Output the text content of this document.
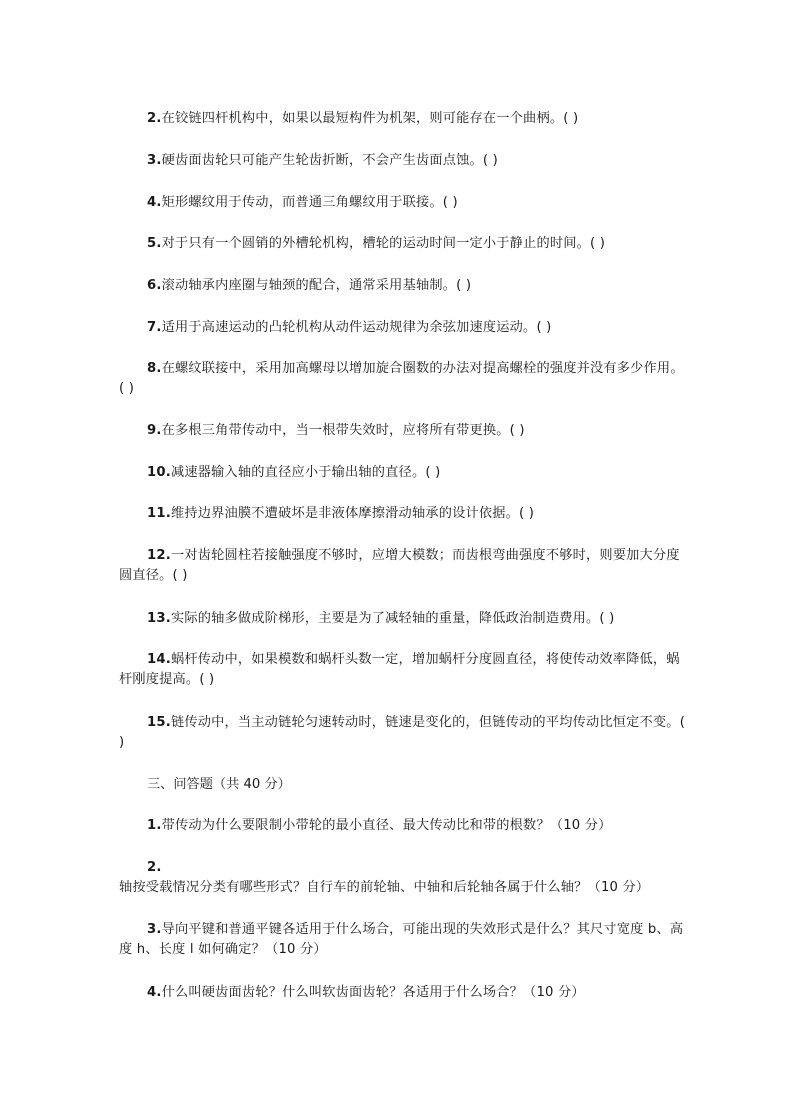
2.在铰链四杆机构中，如果以最短构件为机架，则可能存在一个曲柄。( )

3.硬齿面齿轮只可能产生轮齿折断，不会产生齿面点蚀。( )

4.矩形螺纹用于传动，而普通三角螺纹用于联接。( )

5.对于只有一个圆销的外槽轮机构，槽轮的运动时间一定小于静止的时间。( )

6.滚动轴承内座圈与轴颈的配合，通常采用基轴制。( )

7.适用于高速运动的凸轮机构从动件运动规律为余弦加速度运动。( )

8.在螺纹联接中，采用加高螺母以增加旋合圈数的办法对提高螺栓的强度并没有多少作用。( )

9.在多根三角带传动中，当一根带失效时，应将所有带更换。( )

10.减速器输入轴的直径应小于输出轴的直径。( )

11.维持边界油膜不遭破坏是非液体摩擦滑动轴承的设计依据。( )

12.一对齿轮圆柱若接触强度不够时，应增大模数；而齿根弯曲强度不够时，则要加大分度圆直径。( )

13.实际的轴多做成阶梯形，主要是为了减轻轴的重量，降低政治制造费用。( )

14.蜗杆传动中，如果模数和蜗杆头数一定，增加蜗杆分度圆直径，将使传动效率降低，蜗杆刚度提高。( )

15.链传动中，当主动链轮匀速转动时，链速是变化的，但链传动的平均传动比恒定不变。( )

三、问答题（共 40 分）

1.带传动为什么要限制小带轮的最小直径、最大传动比和带的根数？（10 分）

2.轴按受载情况分类有哪些形式？自行车的前轮轴、中轴和后轮轴各属于什么轴？（10 分）

3.导向平键和普通平键各适用于什么场合，可能出现的失效形式是什么？其尺寸宽度 b、高度 h、长度 l 如何确定？（10 分）

4.什么叫硬齿面齿轮？什么叫软齿面齿轮？各适用于什么场合？（10 分）
